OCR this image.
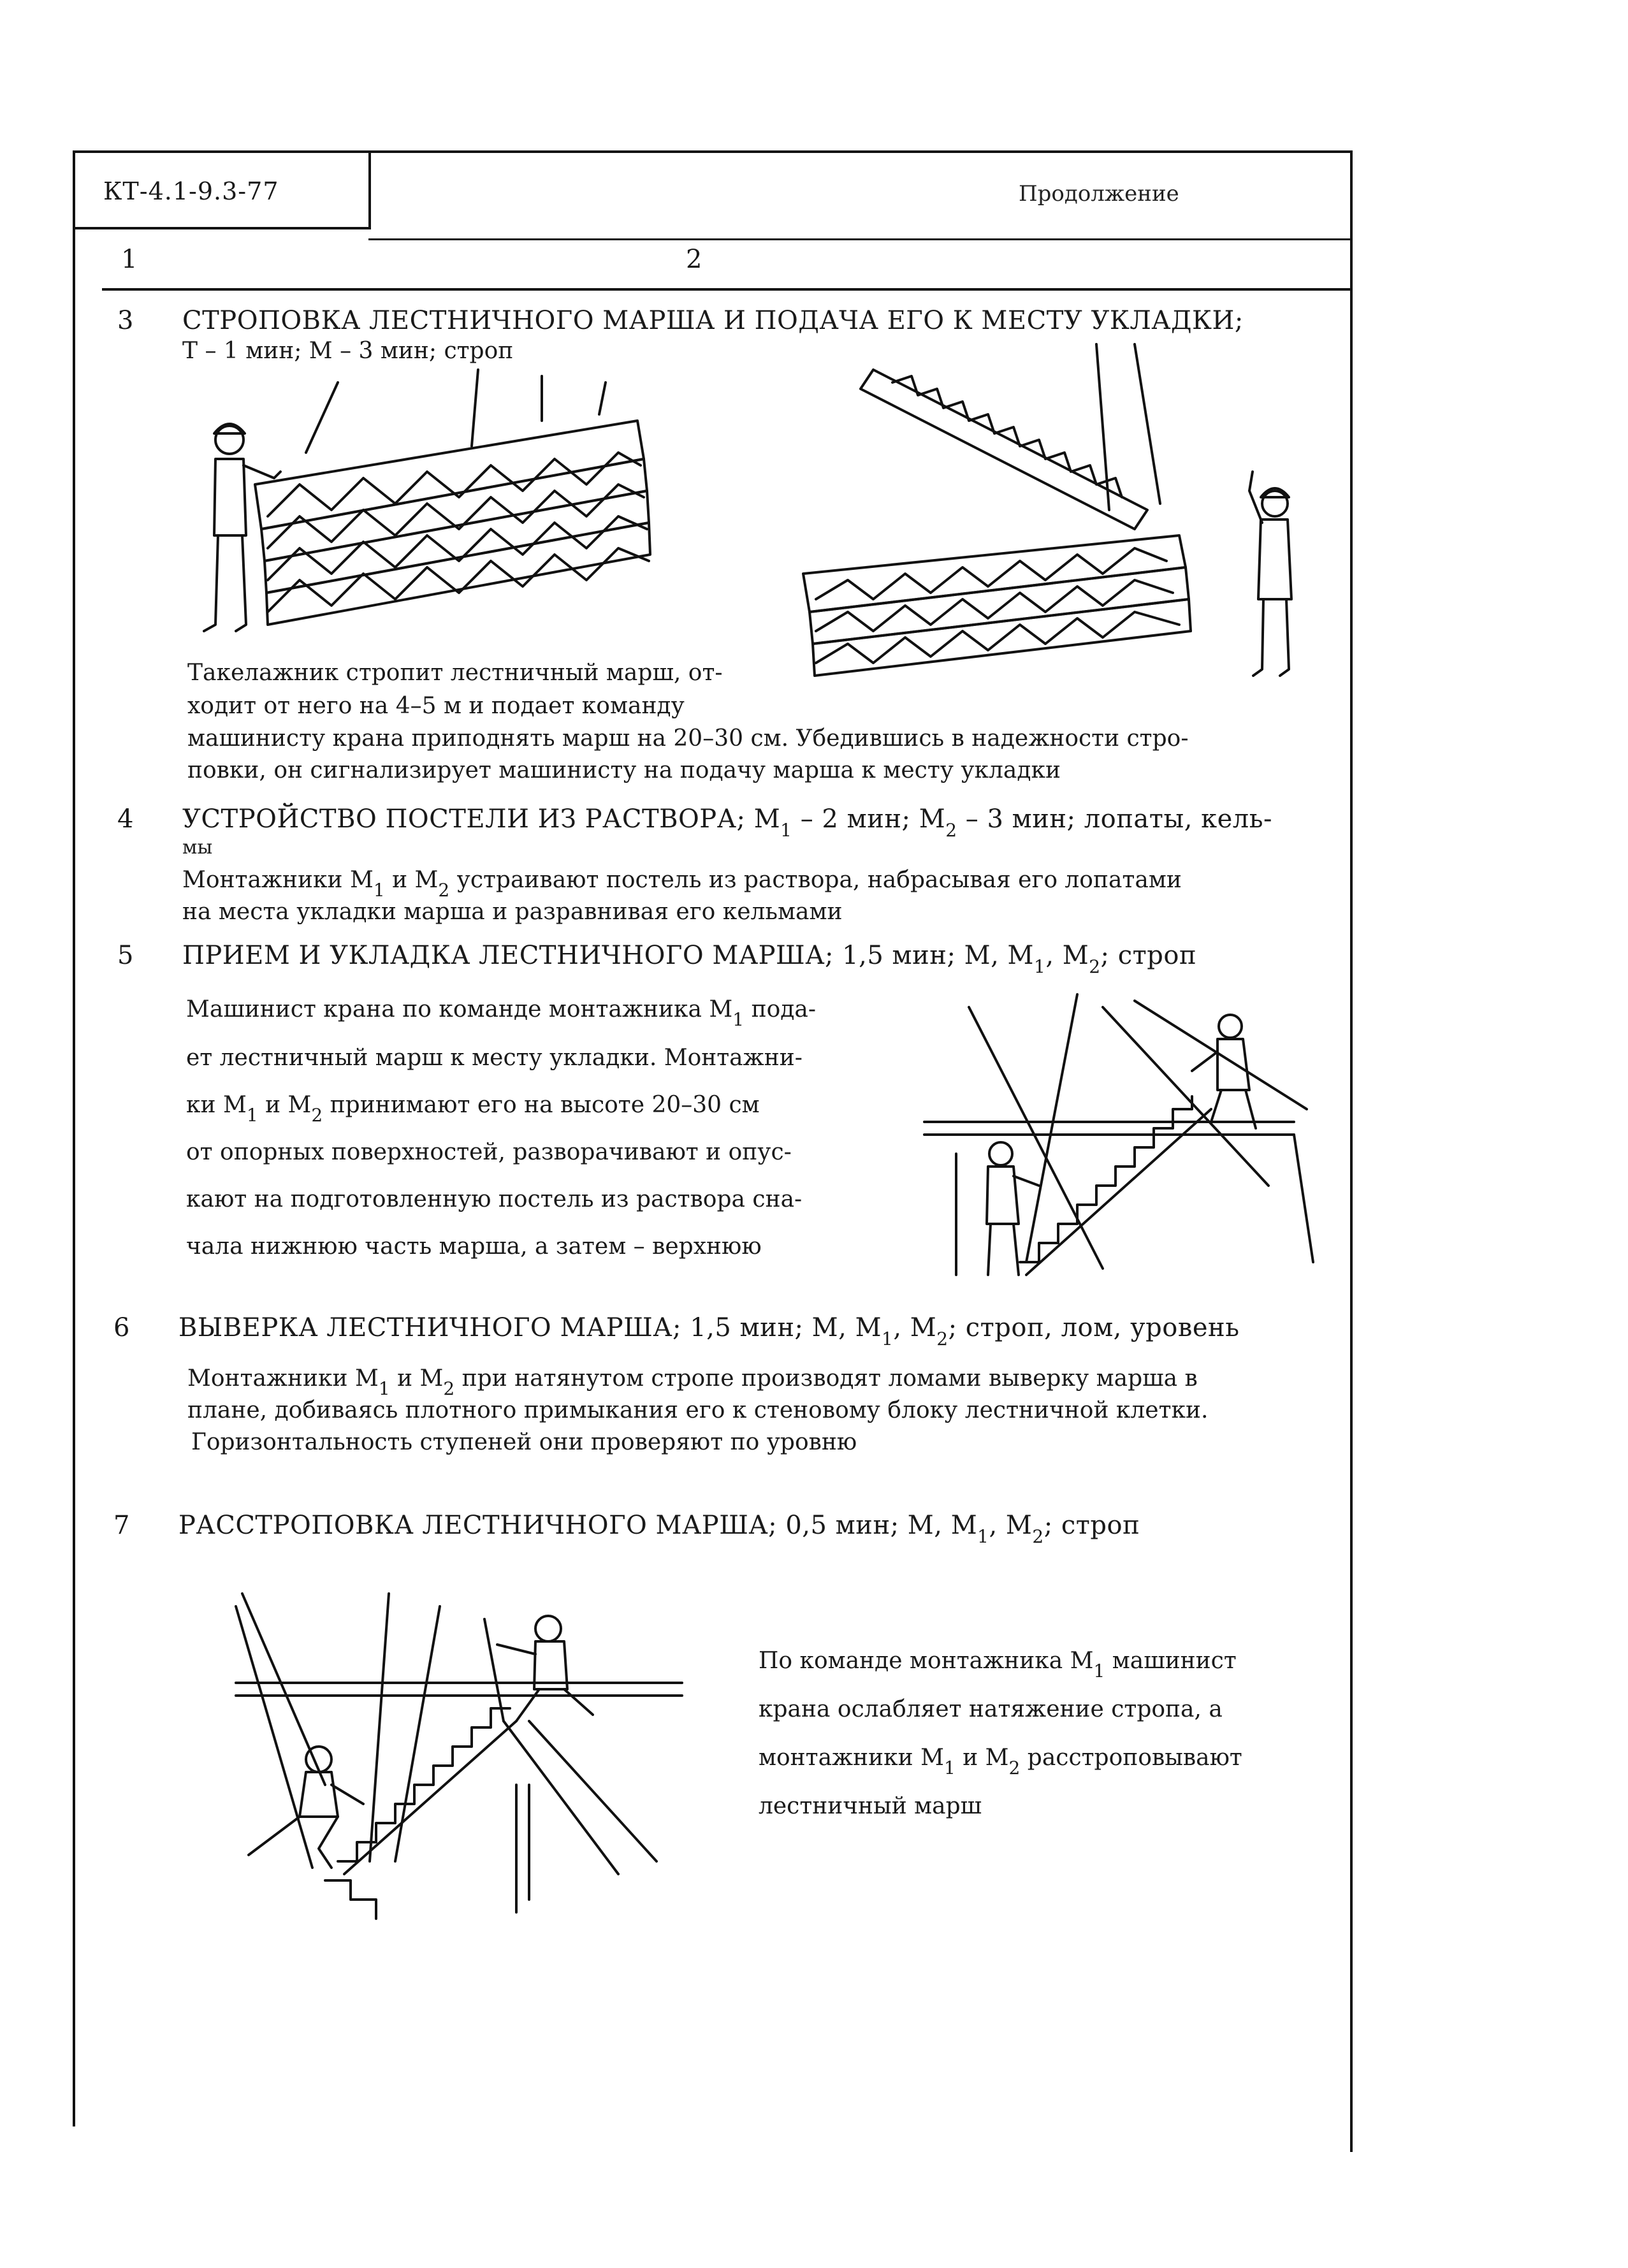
КТ-4.1-9.3-77	Продолжение
1	2
3 СТРОПОВКА ЛЕСТНИЧНОГО МАРША И ПОДАЧА ЕГО К МЕСТУ УКЛАДКИ;
Т – 1 мин; М – 3 мин; строп
Такелажник стропит лестничный марш, от-
ходит от него на 4–5 м и подает команду
машинисту крана приподнять марш на 20–30 см. Убедившись в надежности стро-
повки, он сигнализирует машинисту на подачу марша к месту укладки
4 УСТРОЙСТВО ПОСТЕЛИ ИЗ РАСТВОРА; $М_1 - 2$ мин; $М_2 - 3$ мин; лопаты, кель-
мы
Монтажники $М_1$ и $М_2$ устраивают постель из раствора, набрасывая его лопатами
на места укладки марша и разравнивая его кельмами
5 ПРИЕМ И УКЛАДКА ЛЕСТНИЧНОГО МАРША; 1,5 мин; М, $М_1$, $М_2$; строп
Машинист крана по команде монтажника $М_1$ пода-
ет лестничный марш к месту укладки. Монтажни-
ки $М_1$ и $М_2$ принимают его на высоте 20–30 см
от опорных поверхностей, разворачивают и опус-
кают на подготовленную постель из раствора сна-
чала нижнюю часть марша, а затем – верхнюю
6 ВЫВЕРКА ЛЕСТНИЧНОГО МАРША; 1,5 мин; М, $М_1$, $М_2$; строп, лом, уровень
Монтажники $М_1$ и $М_2$ при натянутом стропе производят ломами выверку марша в
плане, добиваясь плотного примыкания его к стеновому блоку лестничной клетки.
Горизонтальность ступеней они проверяют по уровню
7 РАССТРОПОВКА ЛЕСТНИЧНОГО МАРША; 0,5 мин; М, $М_1$, $М_2$; строп
По команде монтажника $М_1$ машинист
крана ослабляет натяжение стропа, а
монтажники $М_1$ и $М_2$ расстроповывают
лестничный марш
